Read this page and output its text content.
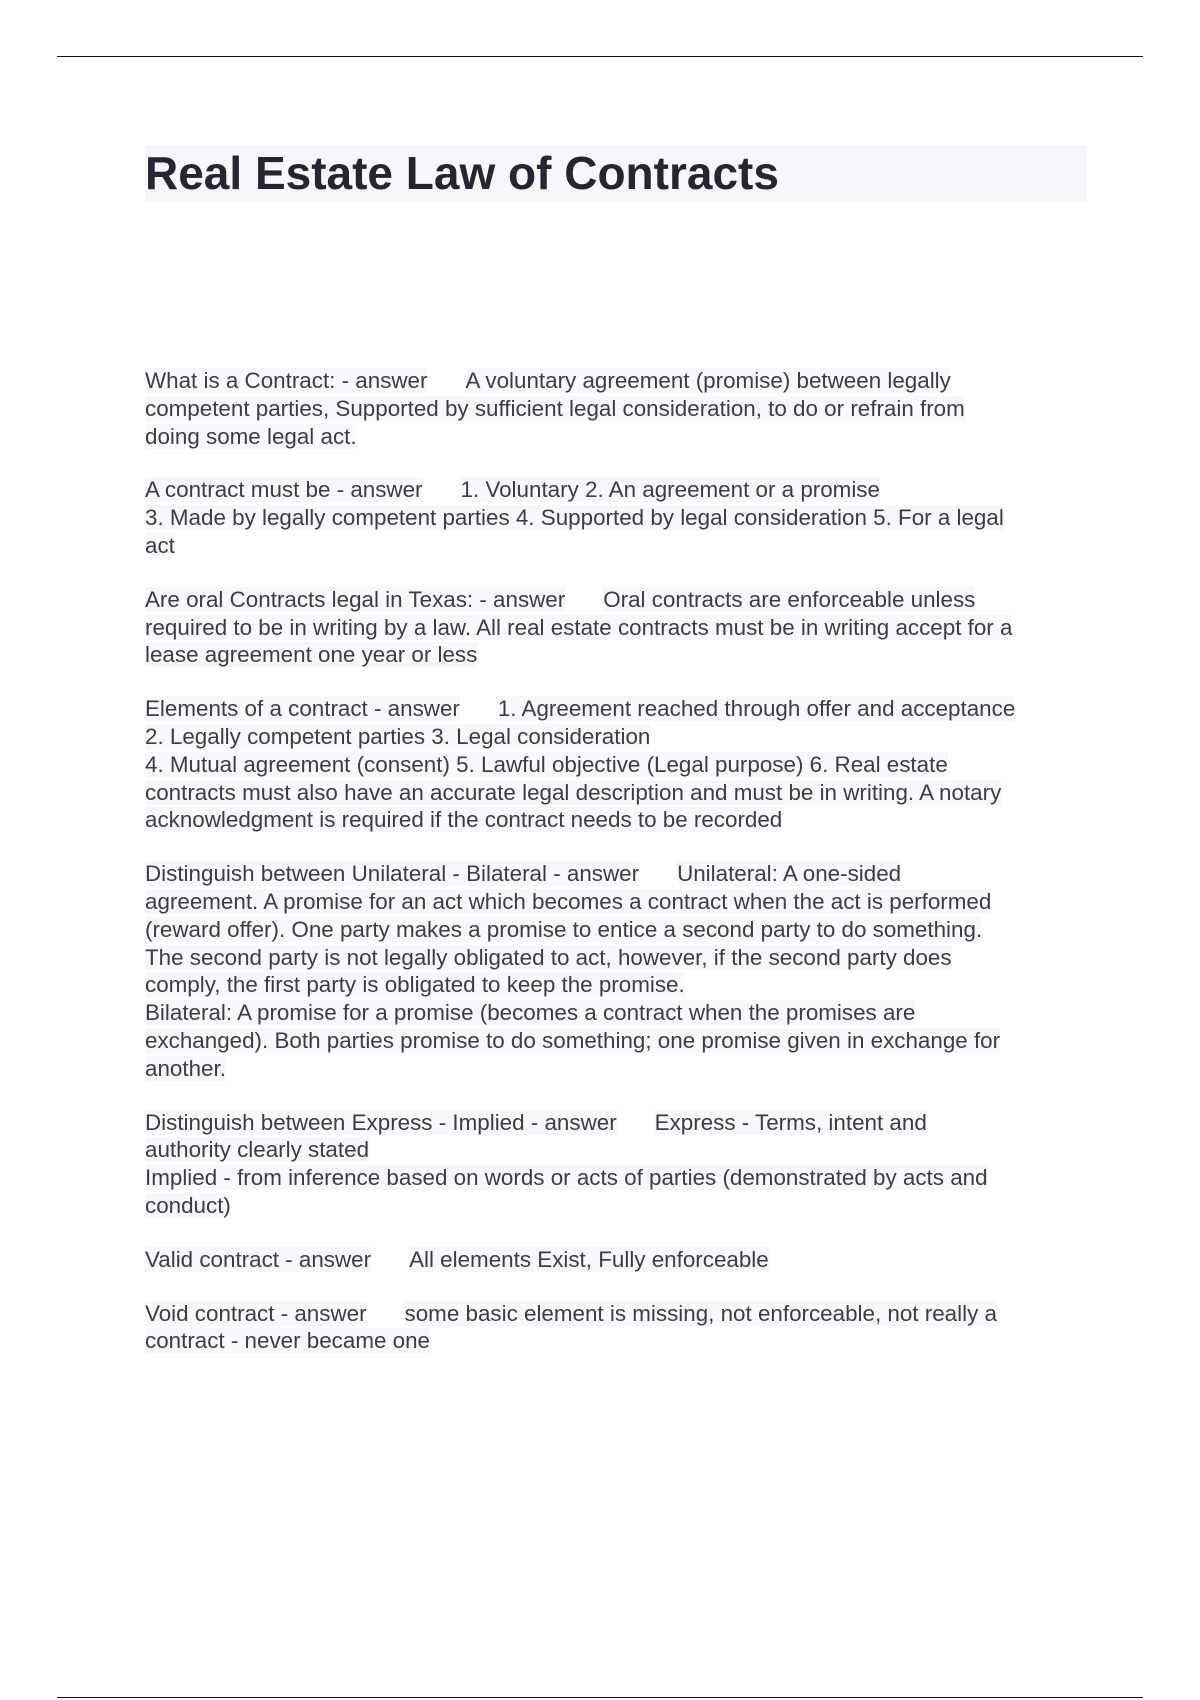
Real Estate Law of Contracts

What is a Contract: - answer A voluntary agreement (promise) between legally
competent parties, Supported by sufficient legal consideration, to do or refrain from
doing some legal act.

A contract must be - answer 1. Voluntary 2. An agreement or a promise
3. Made by legally competent parties 4. Supported by legal consideration 5. For a legal
act

Are oral Contracts legal in Texas: - answer Oral contracts are enforceable unless
required to be in writing by a law. All real estate contracts must be in writing accept for a
lease agreement one year or less

Elements of a contract - answer 1. Agreement reached through offer and acceptance
2. Legally competent parties 3. Legal consideration
4. Mutual agreement (consent) 5. Lawful objective (Legal purpose) 6. Real estate
contracts must also have an accurate legal description and must be in writing. A notary
acknowledgment is required if the contract needs to be recorded

Distinguish between Unilateral - Bilateral - answer Unilateral: A one-sided
agreement. A promise for an act which becomes a contract when the act is performed
(reward offer). One party makes a promise to entice a second party to do something.
The second party is not legally obligated to act, however, if the second party does
comply, the first party is obligated to keep the promise.
Bilateral: A promise for a promise (becomes a contract when the promises are
exchanged). Both parties promise to do something; one promise given in exchange for
another.

Distinguish between Express - Implied - answer Express - Terms, intent and
authority clearly stated
Implied - from inference based on words or acts of parties (demonstrated by acts and
conduct)

Valid contract - answer All elements Exist, Fully enforceable

Void contract - answer some basic element is missing, not enforceable, not really a
contract - never became one
